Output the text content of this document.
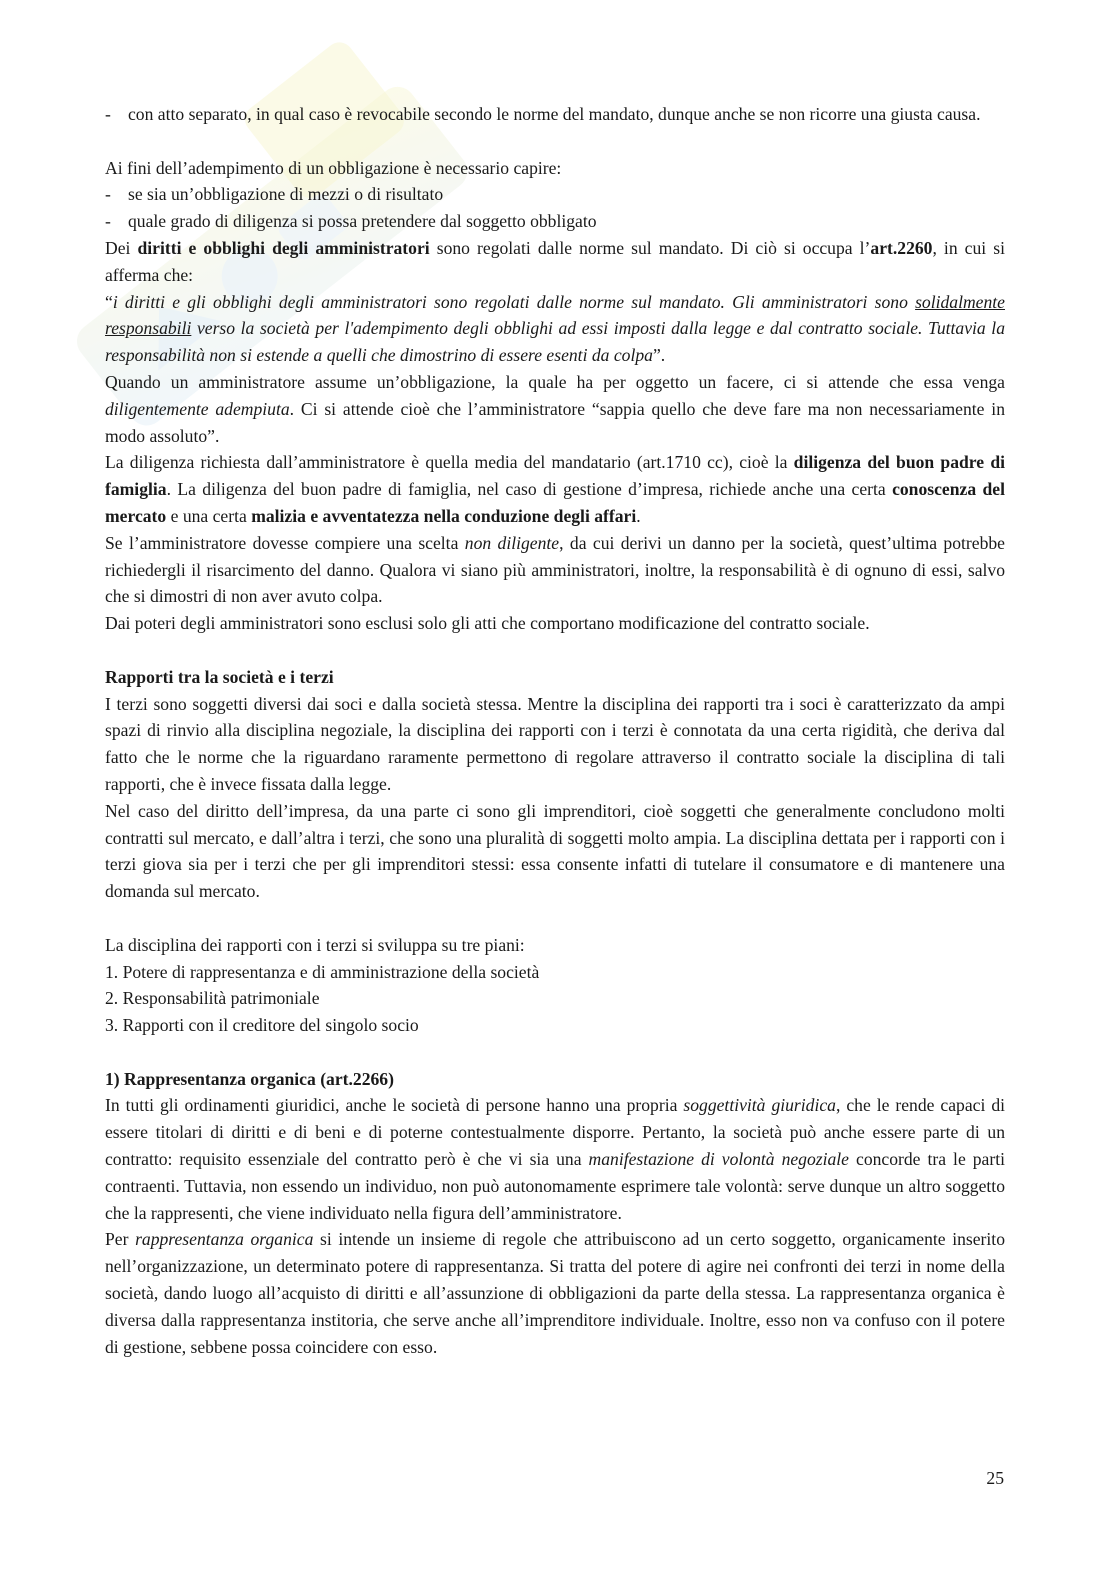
- con atto separato, in qual caso è revocabile secondo le norme del mandato, dunque anche se non ricorre una giusta causa.

Ai fini dell’adempimento di un obbligazione è necessario capire:

- se sia un’obbligazione di mezzi o di risultato

- quale grado di diligenza si possa pretendere dal soggetto obbligato

Dei diritti e obblighi degli amministratori sono regolati dalle norme sul mandato. Di ciò si occupa l’art.2260, in cui si afferma che:

“i diritti e gli obblighi degli amministratori sono regolati dalle norme sul mandato. Gli amministratori sono solidalmente responsabili verso la società per l'adempimento degli obblighi ad essi imposti dalla legge e dal contratto sociale. Tuttavia la responsabilità non si estende a quelli che dimostrino di essere esenti da colpa”.

Quando un amministratore assume un’obbligazione, la quale ha per oggetto un facere, ci si attende che essa venga diligentemente adempiuta. Ci si attende cioè che l’amministratore “sappia quello che deve fare ma non necessariamente in modo assoluto”.

La diligenza richiesta dall’amministratore è quella media del mandatario (art.1710 cc), cioè la diligenza del buon padre di famiglia. La diligenza del buon padre di famiglia, nel caso di gestione d’impresa, richiede anche una certa conoscenza del mercato e una certa malizia e avventatezza nella conduzione degli affari.

Se l’amministratore dovesse compiere una scelta non diligente, da cui derivi un danno per la società, quest’ultima potrebbe richiedergli il risarcimento del danno. Qualora vi siano più amministratori, inoltre, la responsabilità è di ognuno di essi, salvo che si dimostri di non aver avuto colpa.

Dai poteri degli amministratori sono esclusi solo gli atti che comportano modificazione del contratto sociale.

Rapporti tra la società e i terzi

I terzi sono soggetti diversi dai soci e dalla società stessa. Mentre la disciplina dei rapporti tra i soci è caratterizzato da ampi spazi di rinvio alla disciplina negoziale, la disciplina dei rapporti con i terzi è connotata da una certa rigidità, che deriva dal fatto che le norme che la riguardano raramente permettono di regolare attraverso il contratto sociale la disciplina di tali rapporti, che è invece fissata dalla legge.

Nel caso del diritto dell’impresa, da una parte ci sono gli imprenditori, cioè soggetti che generalmente concludono molti contratti sul mercato, e dall’altra i terzi, che sono una pluralità di soggetti molto ampia. La disciplina dettata per i rapporti con i terzi giova sia per i terzi che per gli imprenditori stessi: essa consente infatti di tutelare il consumatore e di mantenere una domanda sul mercato.

La disciplina dei rapporti con i terzi si sviluppa su tre piani:

1. Potere di rappresentanza e di amministrazione della società

2. Responsabilità patrimoniale

3. Rapporti con il creditore del singolo socio

1) Rappresentanza organica (art.2266)

In tutti gli ordinamenti giuridici, anche le società di persone hanno una propria soggettività giuridica, che le rende capaci di essere titolari di diritti e di beni e di poterne contestualmente disporre. Pertanto, la società può anche essere parte di un contratto: requisito essenziale del contratto però è che vi sia una manifestazione di volontà negoziale concorde tra le parti contraenti. Tuttavia, non essendo un individuo, non può autonomamente esprimere tale volontà: serve dunque un altro soggetto che la rappresenti, che viene individuato nella figura dell’amministratore.

Per rappresentanza organica si intende un insieme di regole che attribuiscono ad un certo soggetto, organicamente inserito nell’organizzazione, un determinato potere di rappresentanza. Si tratta del potere di agire nei confronti dei terzi in nome della società, dando luogo all’acquisto di diritti e all’assunzione di obbligazioni da parte della stessa. La rappresentanza organica è diversa dalla rappresentanza institoria, che serve anche all’imprenditore individuale. Inoltre, esso non va confuso con il potere di gestione, sebbene possa coincidere con esso.

25
